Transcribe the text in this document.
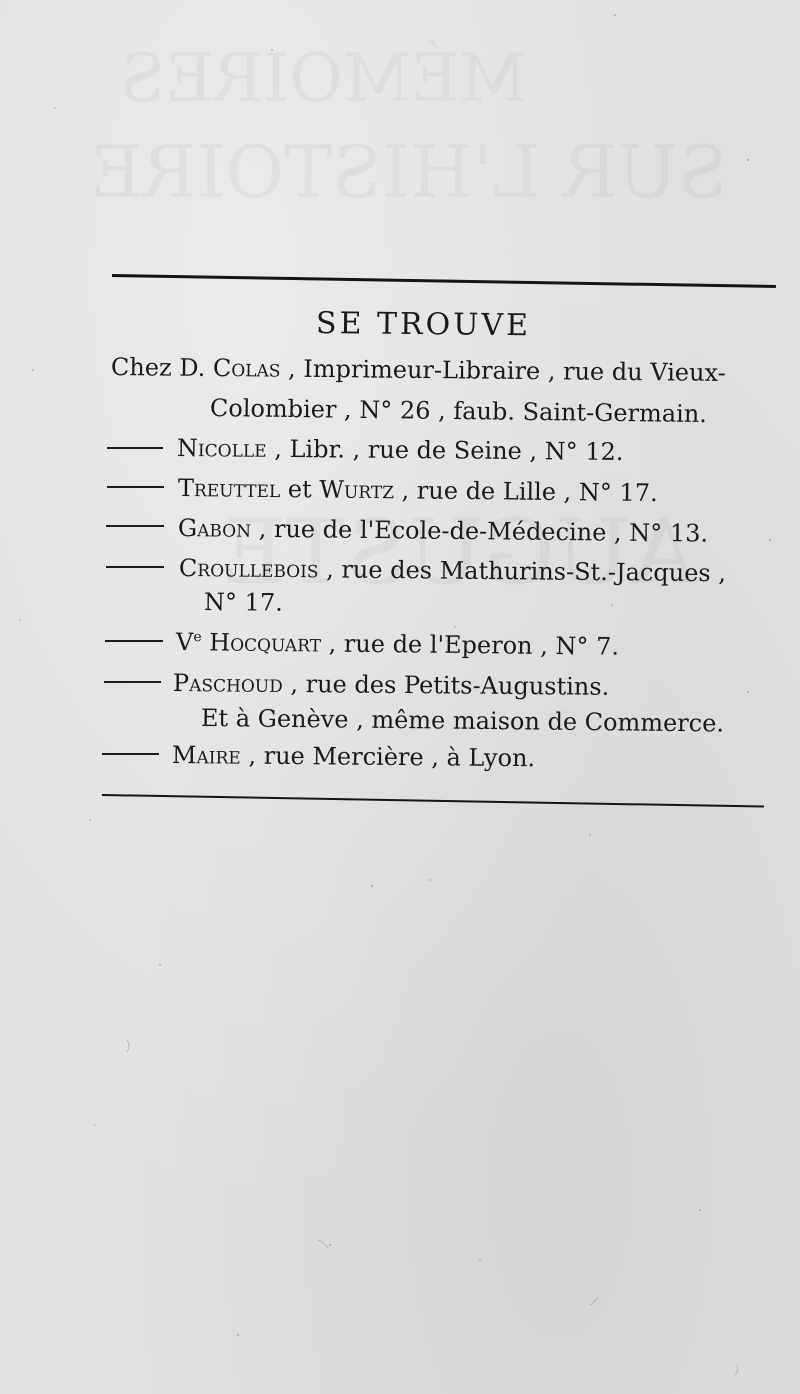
SE TROUVE
Chez D. Colas , Imprimeur-Libraire , rue du Vieux-
Colombier , N° 26 , faub. Saint-Germain.
Nicolle , Libr. , rue de Seine , N° 12.
Treuttel et Wurtz , rue de Lille , N° 17.
Gabon , rue de l'Ecole-de-Médecine , N° 13.
Croullebois , rue des Mathurins-St.-Jacques ,
N° 17.
Ve Hocquart , rue de l'Eperon , N° 7.
Paschoud , rue des Petits-Augustins.
Et à Genève , même maison de Commerce.
Maire , rue Mercière , à Lyon.
